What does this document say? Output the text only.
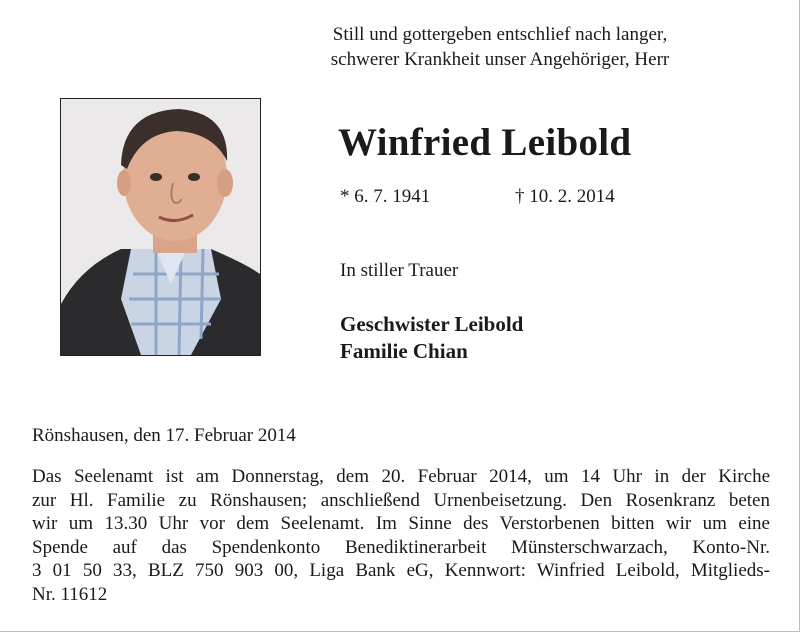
Still und gottergeben entschlief nach langer,
schwerer Krankheit unser Angehöriger, Herr
Winfried Leibold
* 6. 7. 1941	† 10. 2. 2014
In stiller Trauer
Geschwister Leibold
Familie Chian
Rönshausen, den 17. Februar 2014
Das Seelenamt ist am Donnerstag, dem 20. Februar 2014, um 14 Uhr in der Kirche
zur Hl. Familie zu Rönshausen; anschließend Urnenbeisetzung. Den Rosenkranz beten
wir um 13.30 Uhr vor dem Seelenamt. Im Sinne des Verstorbenen bitten wir um eine
Spende auf das Spendenkonto Benediktinerarbeit Münsterschwarzach, Konto-Nr.
3 01 50 33, BLZ 750 903 00, Liga Bank eG, Kennwort: Winfried Leibold, Mitglieds-
Nr. 11612
